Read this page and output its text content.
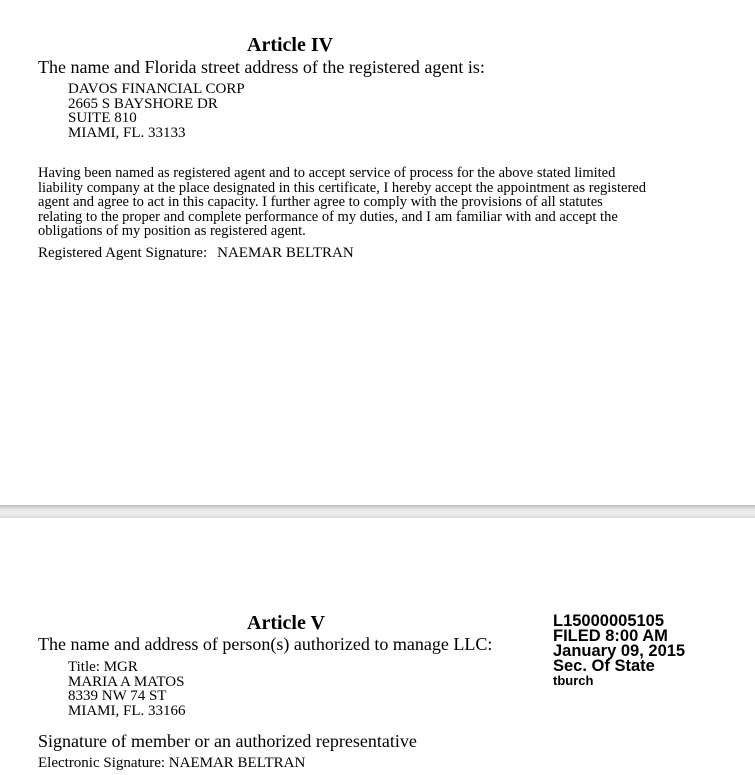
Article IV
The name and Florida street address of the registered agent is:
DAVOS FINANCIAL CORP
2665 S BAYSHORE DR
SUITE 810
MIAMI, FL. 33133
Having been named as registered agent and to accept service of process for the above stated limited
liability company at the place designated in this certificate, I hereby accept the appointment as registered
agent and agree to act in this capacity. I further agree to comply with the provisions of all statutes
relating to the proper and complete performance of my duties, and I am familiar with and accept the
obligations of my position as registered agent.
Registered Agent Signature: NAEMAR BELTRAN
Article V
The name and address of person(s) authorized to manage LLC:
Title: MGR
MARIA A MATOS
8339 NW 74 ST
MIAMI, FL. 33166
Signature of member or an authorized representative
Electronic Signature: NAEMAR BELTRAN
L15000005105
FILED 8:00 AM
January 09, 2015
Sec. Of State
tburch
